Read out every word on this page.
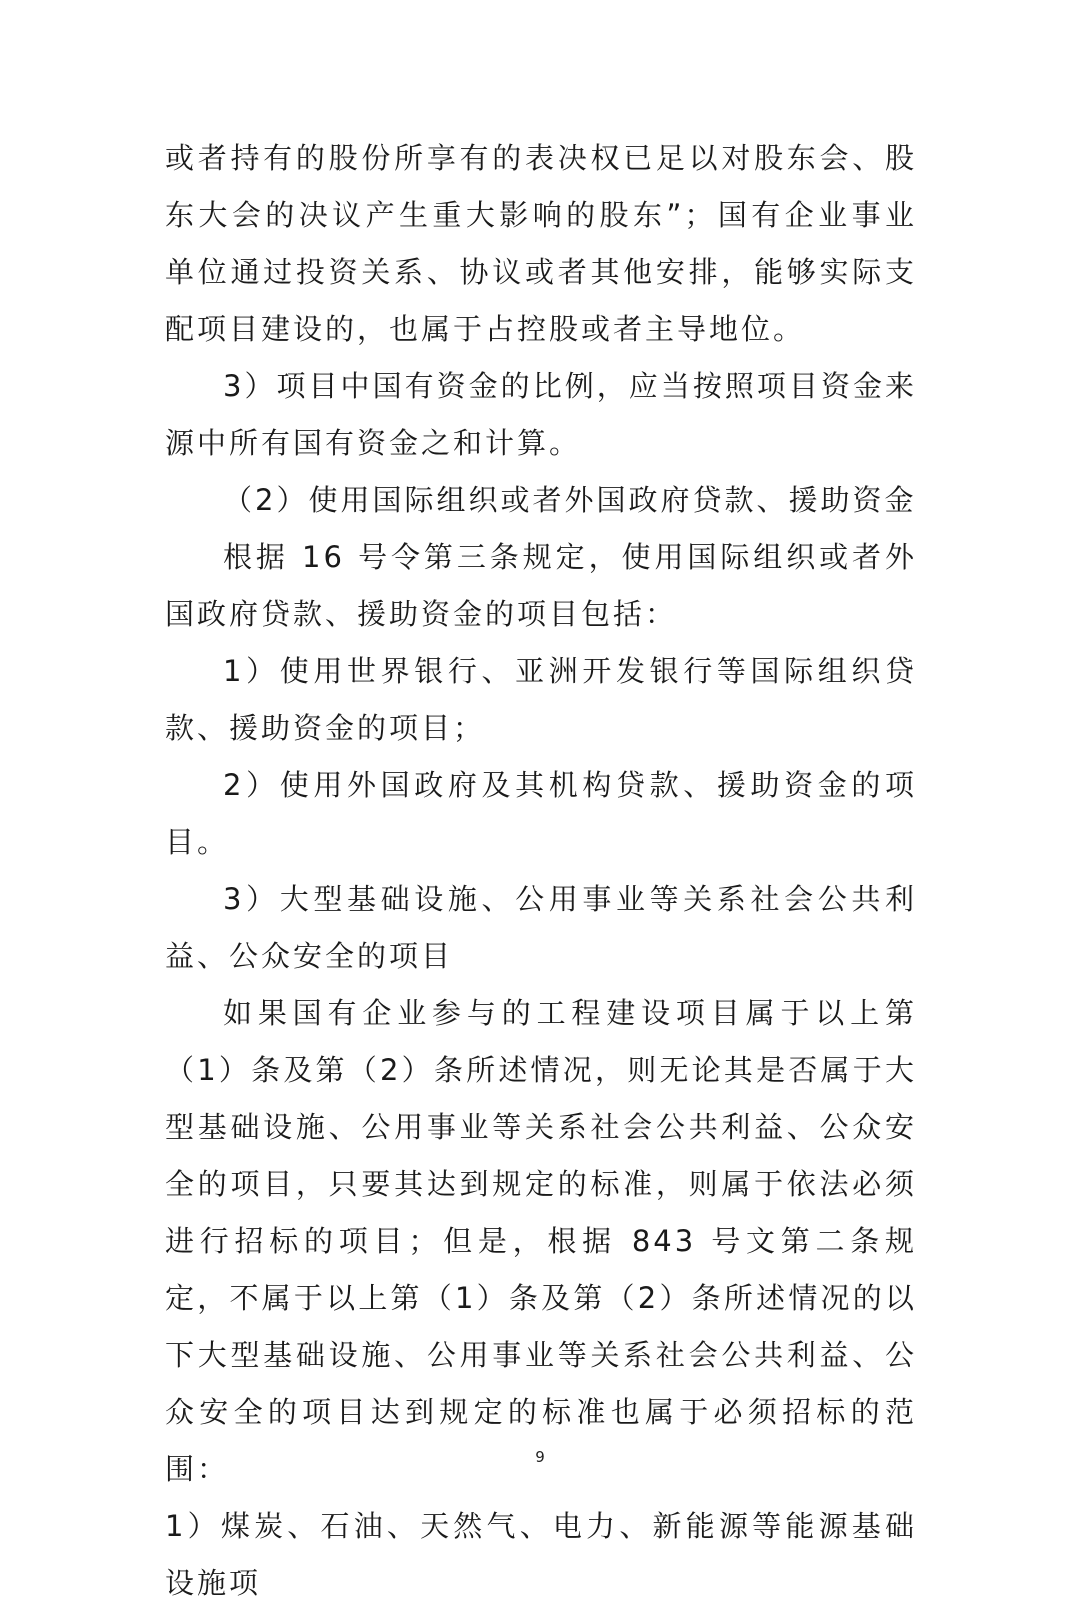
或者持有的股份所享有的表决权已足以对股东会、股东大会的决议产生重大影响的股东”；国有企业事业单位通过投资关系、协议或者其他安排，能够实际支配项目建设的，也属于占控股或者主导地位。

3）项目中国有资金的比例，应当按照项目资金来源中所有国有资金之和计算。

（2）使用国际组织或者外国政府贷款、援助资金

根据 16 号令第三条规定，使用国际组织或者外国政府贷款、援助资金的项目包括：

1）使用世界银行、亚洲开发银行等国际组织贷款、援助资金的项目；

2）使用外国政府及其机构贷款、援助资金的项目。

3）大型基础设施、公用事业等关系社会公共利益、公众安全的项目

如果国有企业参与的工程建设项目属于以上第（1）条及第（2）条所述情况，则无论其是否属于大型基础设施、公用事业等关系社会公共利益、公众安全的项目，只要其达到规定的标准，则属于依法必须进行招标的项目；但是，根据 843 号文第二条规定，不属于以上第（1）条及第（2）条所述情况的以下大型基础设施、公用事业等关系社会公共利益、公众安全的项目达到规定的标准也属于必须招标的范围：

1）煤炭、石油、天然气、电力、新能源等能源基础设施项

9
